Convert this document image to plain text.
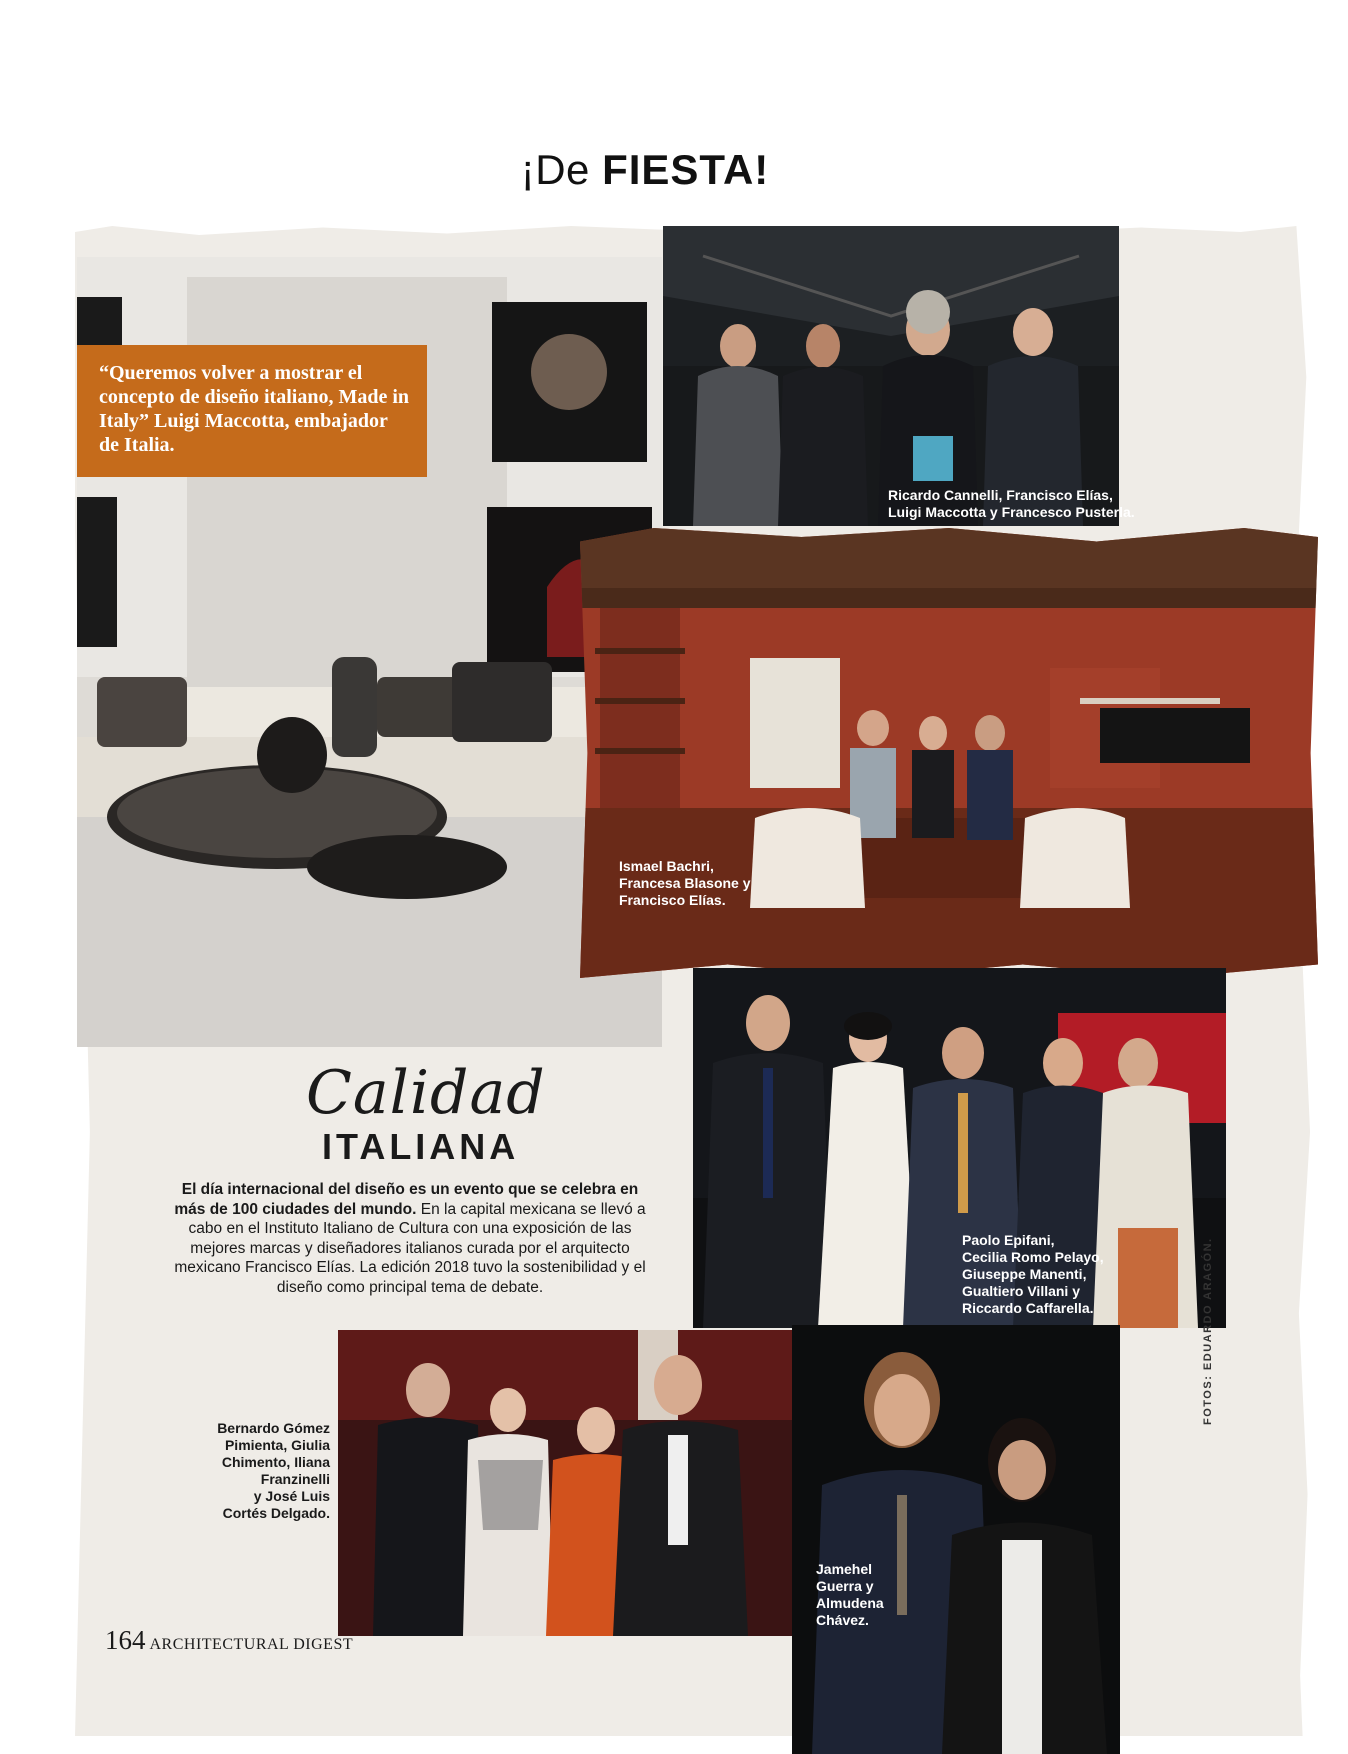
¡De FIESTA!
“Queremos volver a mostrar el concepto de diseño italiano, Made in Italy” Luigi Maccotta, embajador de Italia.
Ricardo Cannelli, Francisco Elías,
Luigi Maccotta y Francesco Pusterla.
Ismael Bachri,
Francesa Blasone y
Francisco Elías.
Paolo Epifani,
Cecilia Romo Pelayo,
Giuseppe Manenti,
Gualtiero Villani y
Riccardo Caffarella.
Calidad
ITALIANA
El día internacional del diseño es un evento que se celebra en más de 100 ciudades del mundo. En la capital mexicana se llevó a cabo en el Instituto Italiano de Cultura con una exposición de las mejores marcas y diseñadores italianos curada por el arquitecto mexicano Francisco Elías. La edición 2018 tuvo la sostenibilidad y el diseño como principal tema de debate.
Bernardo Gómez
Pimienta, Giulia
Chimento, Iliana
Franzinelli
y José Luis
Cortés Delgado.
Jamehel
Guerra y
Almudena
Chávez.
164 ARCHITECTURAL DIGEST
FOTOS: EDUARDO ARAGÓN.
